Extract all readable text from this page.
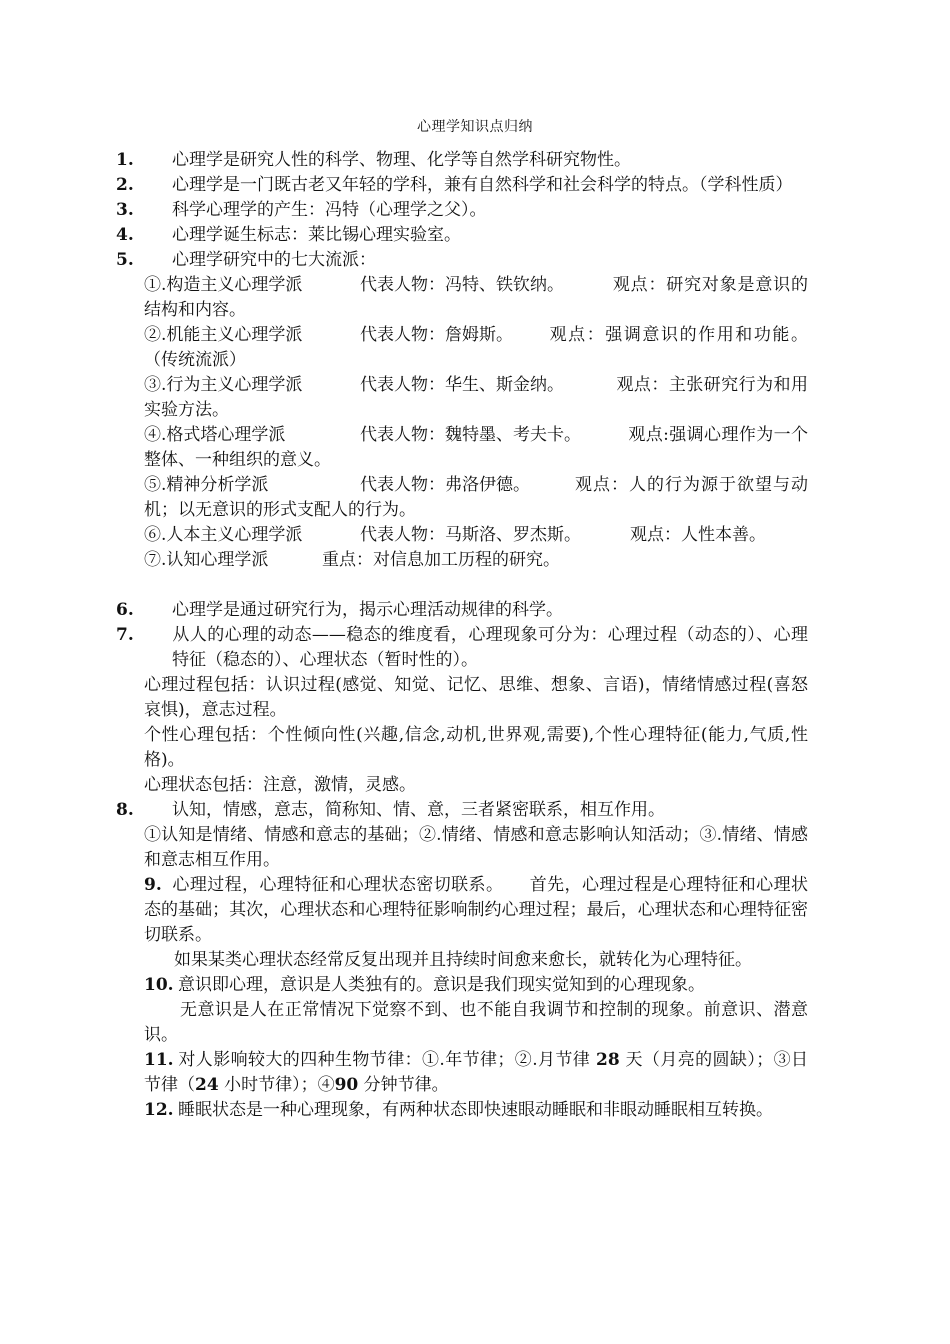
心理学知识点归纳

1. 心理学是研究人性的科学、物理、化学等自然学科研究物性。

2. 心理学是一门既古老又年轻的学科，兼有自然科学和社会科学的特点。（学科性质）

3. 科学心理学的产生：冯特（心理学之父）。

4. 心理学诞生标志：莱比锡心理实验室。

5. 心理学研究中的七大流派：

①.构造主义心理学派	代表人物：冯特、铁钦纳。	观点：研究对象是意识的结构和内容。

②.机能主义心理学派	代表人物：詹姆斯。 观点：强调意识的作用和功能。（传统流派）

③.行为主义心理学派	代表人物：华生、斯金纳。	观点：主张研究行为和用实验方法。

④.格式塔心理学派	代表人物：魏特墨、考夫卡。	观点:强调心理作为一个整体、一种组织的意义。

⑤.精神分析学派	代表人物：弗洛伊德。	观点：人的行为源于欲望与动机；以无意识的形式支配人的行为。

⑥.人本主义心理学派	代表人物：马斯洛、罗杰斯。	观点：人性本善。

⑦.认知心理学派	重点：对信息加工历程的研究。

6. 心理学是通过研究行为，揭示心理活动规律的科学。

7. 从人的心理的动态——稳态的维度看，心理现象可分为：心理过程（动态的）、心理特征（稳态的）、心理状态（暂时性的）。

心理过程包括：认识过程(感觉、知觉、记忆、思维、想象、言语)，情绪情感过程(喜怒哀惧)，意志过程。

个性心理包括：个性倾向性(兴趣,信念,动机,世界观,需要),个性心理特征(能力,气质,性格)。

心理状态包括：注意，激情，灵感。

8. 认知，情感，意志，简称知、情、意，三者紧密联系，相互作用。

①认知是情绪、情感和意志的基础；②.情绪、情感和意志影响认知活动；③.情绪、情感和意志相互作用。

9. 心理过程，心理特征和心理状态密切联系。　　首先，心理过程是心理特征和心理状态的基础；其次，心理状态和心理特征影响制约心理过程；最后，心理状态和心理特征密切联系。

如果某类心理状态经常反复出现并且持续时间愈来愈长，就转化为心理特征。

10. 意识即心理，意识是人类独有的。意识是我们现实觉知到的心理现象。

无意识是人在正常情况下觉察不到、也不能自我调节和控制的现象。前意识、潜意识。

11. 对人影响较大的四种生物节律：①.年节律；②.月节律 28 天（月亮的圆缺）；③日节律（24 小时节律）；④90 分钟节律。

12. 睡眠状态是一种心理现象，有两种状态即快速眼动睡眠和非眼动睡眠相互转换。
